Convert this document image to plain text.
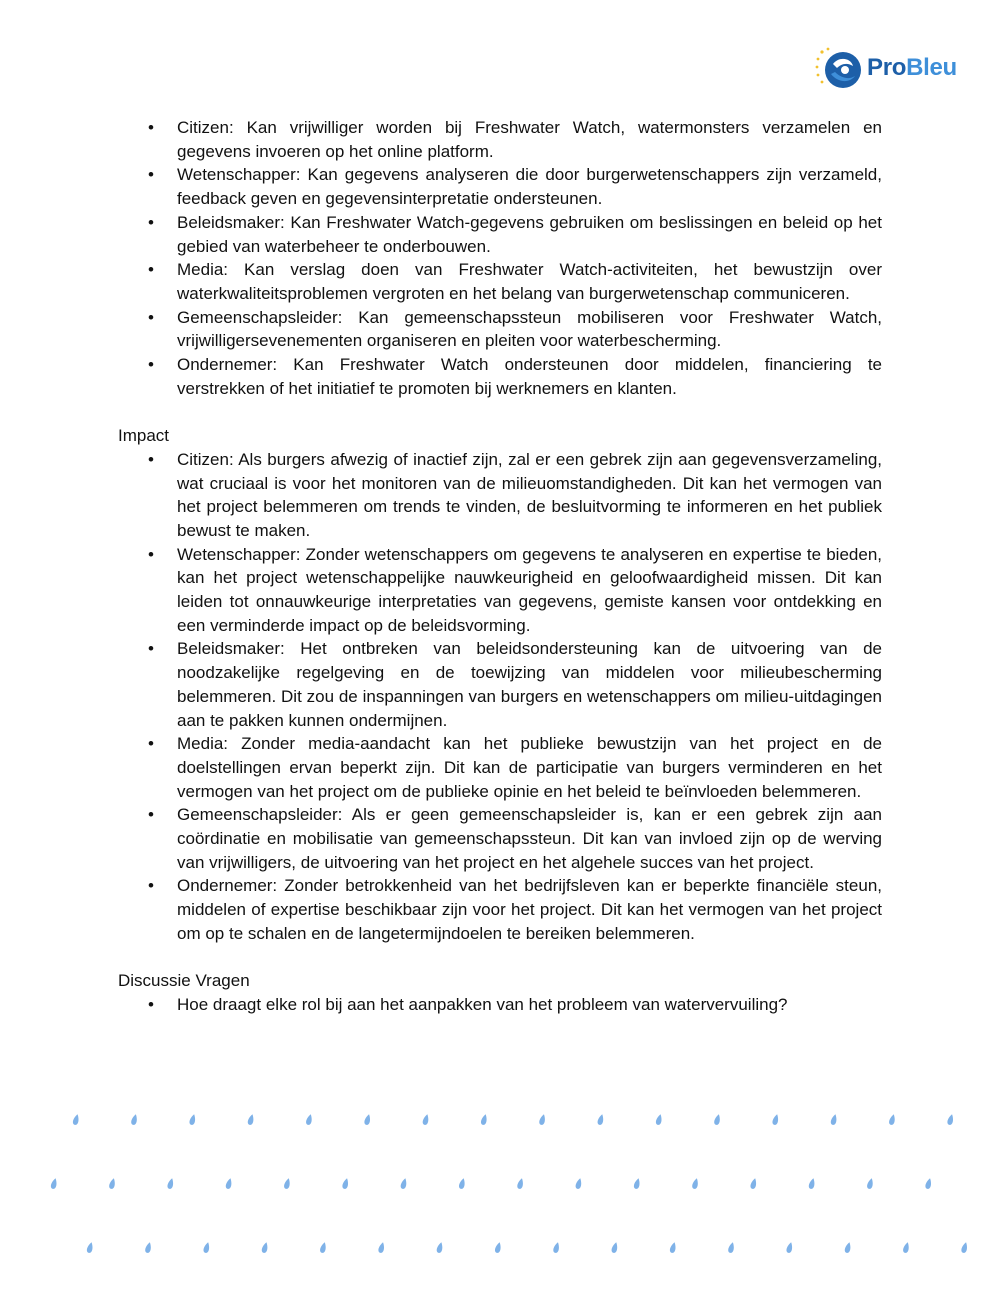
ProBleu
• Citizen: Kan vrijwilliger worden bij Freshwater Watch, watermonsters verzamelen en gegevens invoeren op het online platform.
• Wetenschapper: Kan gegevens analyseren die door burgerwetenschappers zijn verzameld, feedback geven en gegevensinterpretatie ondersteunen.
• Beleidsmaker: Kan Freshwater Watch-gegevens gebruiken om beslissingen en beleid op het gebied van waterbeheer te onderbouwen.
• Media: Kan verslag doen van Freshwater Watch-activiteiten, het bewustzijn over waterkwaliteitsproblemen vergroten en het belang van burgerwetenschap communiceren.
• Gemeenschapsleider: Kan gemeenschapssteun mobiliseren voor Freshwater Watch, vrijwilligersevenementen organiseren en pleiten voor waterbescherming.
• Ondernemer: Kan Freshwater Watch ondersteunen door middelen, financiering te verstrekken of het initiatief te promoten bij werknemers en klanten.
Impact
• Citizen: Als burgers afwezig of inactief zijn, zal er een gebrek zijn aan gegevensverzameling, wat cruciaal is voor het monitoren van de milieuomstandigheden. Dit kan het vermogen van het project belemmeren om trends te vinden, de besluitvorming te informeren en het publiek bewust te maken.
• Wetenschapper: Zonder wetenschappers om gegevens te analyseren en expertise te bieden, kan het project wetenschappelijke nauwkeurigheid en geloofwaardigheid missen. Dit kan leiden tot onnauwkeurige interpretaties van gegevens, gemiste kansen voor ontdekking en een verminderde impact op de beleidsvorming.
• Beleidsmaker: Het ontbreken van beleidsondersteuning kan de uitvoering van de noodzakelijke regelgeving en de toewijzing van middelen voor milieubescherming belemmeren. Dit zou de inspanningen van burgers en wetenschappers om milieu-uitdagingen aan te pakken kunnen ondermijnen.
• Media: Zonder media-aandacht kan het publieke bewustzijn van het project en de doelstellingen ervan beperkt zijn. Dit kan de participatie van burgers verminderen en het vermogen van het project om de publieke opinie en het beleid te beïnvloeden belemmeren.
• Gemeenschapsleider: Als er geen gemeenschapsleider is, kan er een gebrek zijn aan coördinatie en mobilisatie van gemeenschapssteun. Dit kan van invloed zijn op de werving van vrijwilligers, de uitvoering van het project en het algehele succes van het project.
• Ondernemer: Zonder betrokkenheid van het bedrijfsleven kan er beperkte financiële steun, middelen of expertise beschikbaar zijn voor het project. Dit kan het vermogen van het project om op te schalen en de langetermijndoelen te bereiken belemmeren.
Discussie Vragen
• Hoe draagt elke rol bij aan het aanpakken van het probleem van watervervuiling?
